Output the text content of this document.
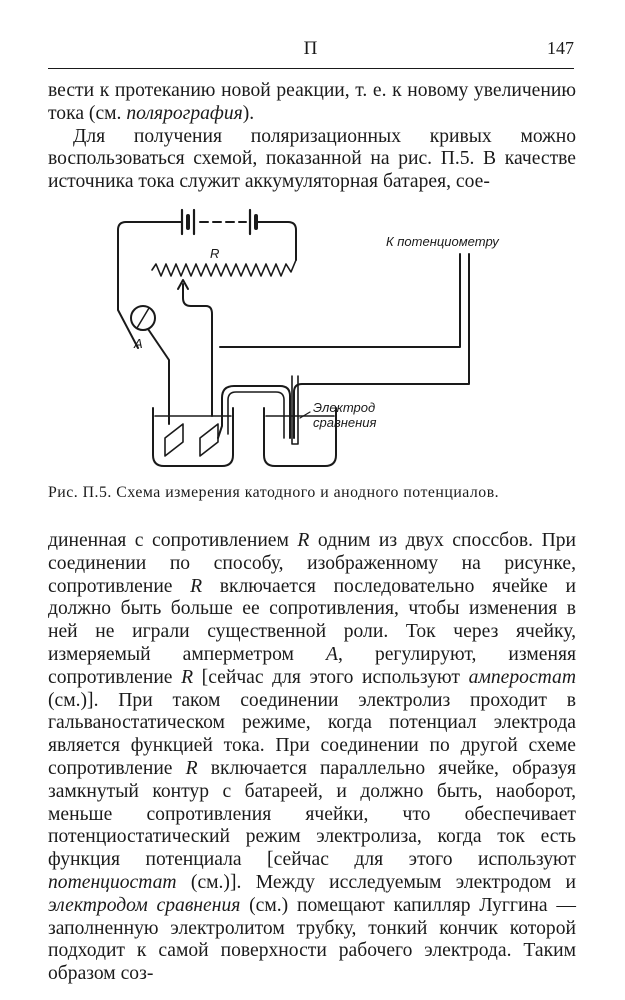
П	147

вести к протеканию новой реакции, т. е. к новому увеличению тока (см. полярография).

Для получения поляризационных кривых можно воспользоваться схемой, показанной на рис. П.5. В качестве источника тока служит аккумуляторная батарея, сое-

R
A
К потенциометру
Электрод
сравнения
Рис. П.5. Схема измерения катодного и анодного потенциалов.

диненная с сопротивлением R одним из двух спосcбов. При соединении по способу, изображенному на рисунке, сопротивление R включается последовательно ячейке и должно быть больше ее сопротивления, чтобы изменения в ней не играли существенной роли. Ток через ячейку, измеряемый амперметром A, регулируют, изменяя сопротивление R [сейчас для этого используют амперостат (см.)]. При таком соединении электролиз проходит в гальваностатическом режиме, когда потенциал электрода является функцией тока. При соединении по другой схеме сопротивление R включается параллельно ячейке, образуя замкнутый контур с батареей, и должно быть, наоборот, меньше сопротивления ячейки, что обеспечивает потенциостатический режим электролиза, когда ток есть функция потенциала [сейчас для этого используют потенциостат (см.)]. Между исследуемым электродом и электродом сравнения (см.) помещают капилляр Луггина — заполненную электролитом трубку, тонкий кончик которой подходит к самой поверхности рабочего электрода. Таким образом соз-
